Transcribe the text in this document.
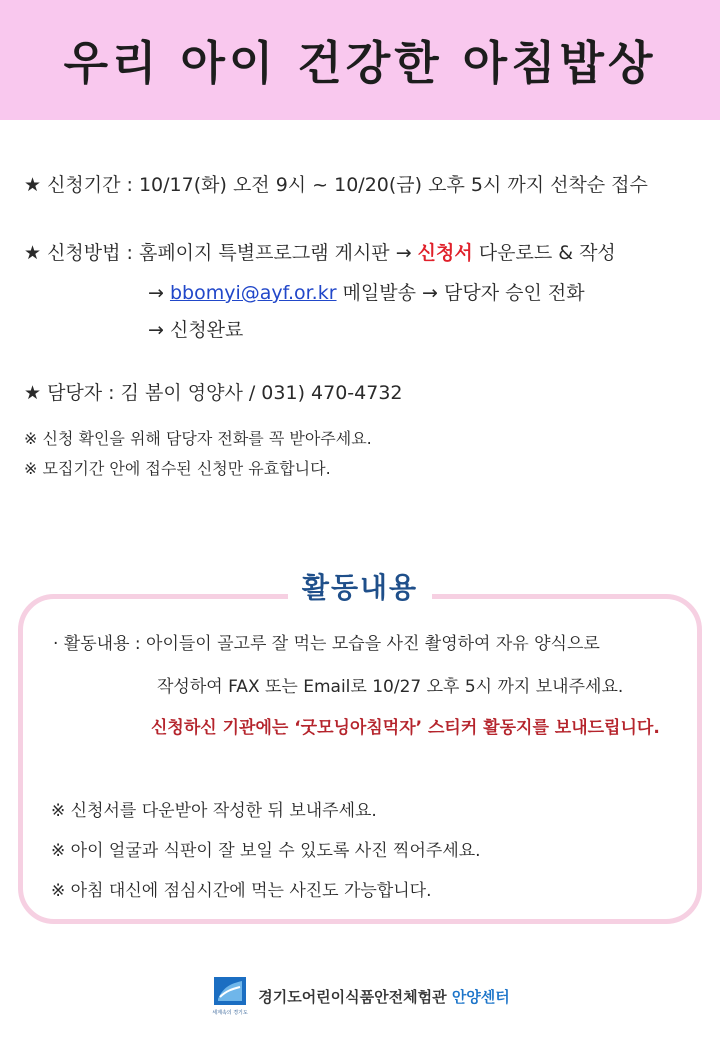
우리 아이 건강한 아침밥상
★ 신청기간 : 10/17(화) 오전 9시 ~ 10/20(금) 오후 5시 까지 선착순 접수
★ 신청방법 : 홈페이지 특별프로그램 게시판 → 신청서 다운로드 & 작성
→ bbomyi@ayf.or.kr 메일발송 → 담당자 승인 전화
→ 신청완료
★ 담당자 : 김 봄이 영양사 / 031) 470-4732
※ 신청 확인을 위해 담당자 전화를 꼭 받아주세요.
※ 모집기간 안에 접수된 신청만 유효합니다.
활동내용
· 활동내용 : 아이들이 골고루 잘 먹는 모습을 사진 촬영하여 자유 양식으로
작성하여 FAX 또는 Email로 10/27 오후 5시 까지 보내주세요.
신청하신 기관에는 ‘굿모닝아침먹자’ 스티커 활동지를 보내드립니다.
※ 신청서를 다운받아 작성한 뒤 보내주세요.
※ 아이 얼굴과 식판이 잘 보일 수 있도록 사진 찍어주세요.
※ 아침 대신에 점심시간에 먹는 사진도 가능합니다.
세계속의 경기도
경기도어린이식품안전체험관 안양센터
